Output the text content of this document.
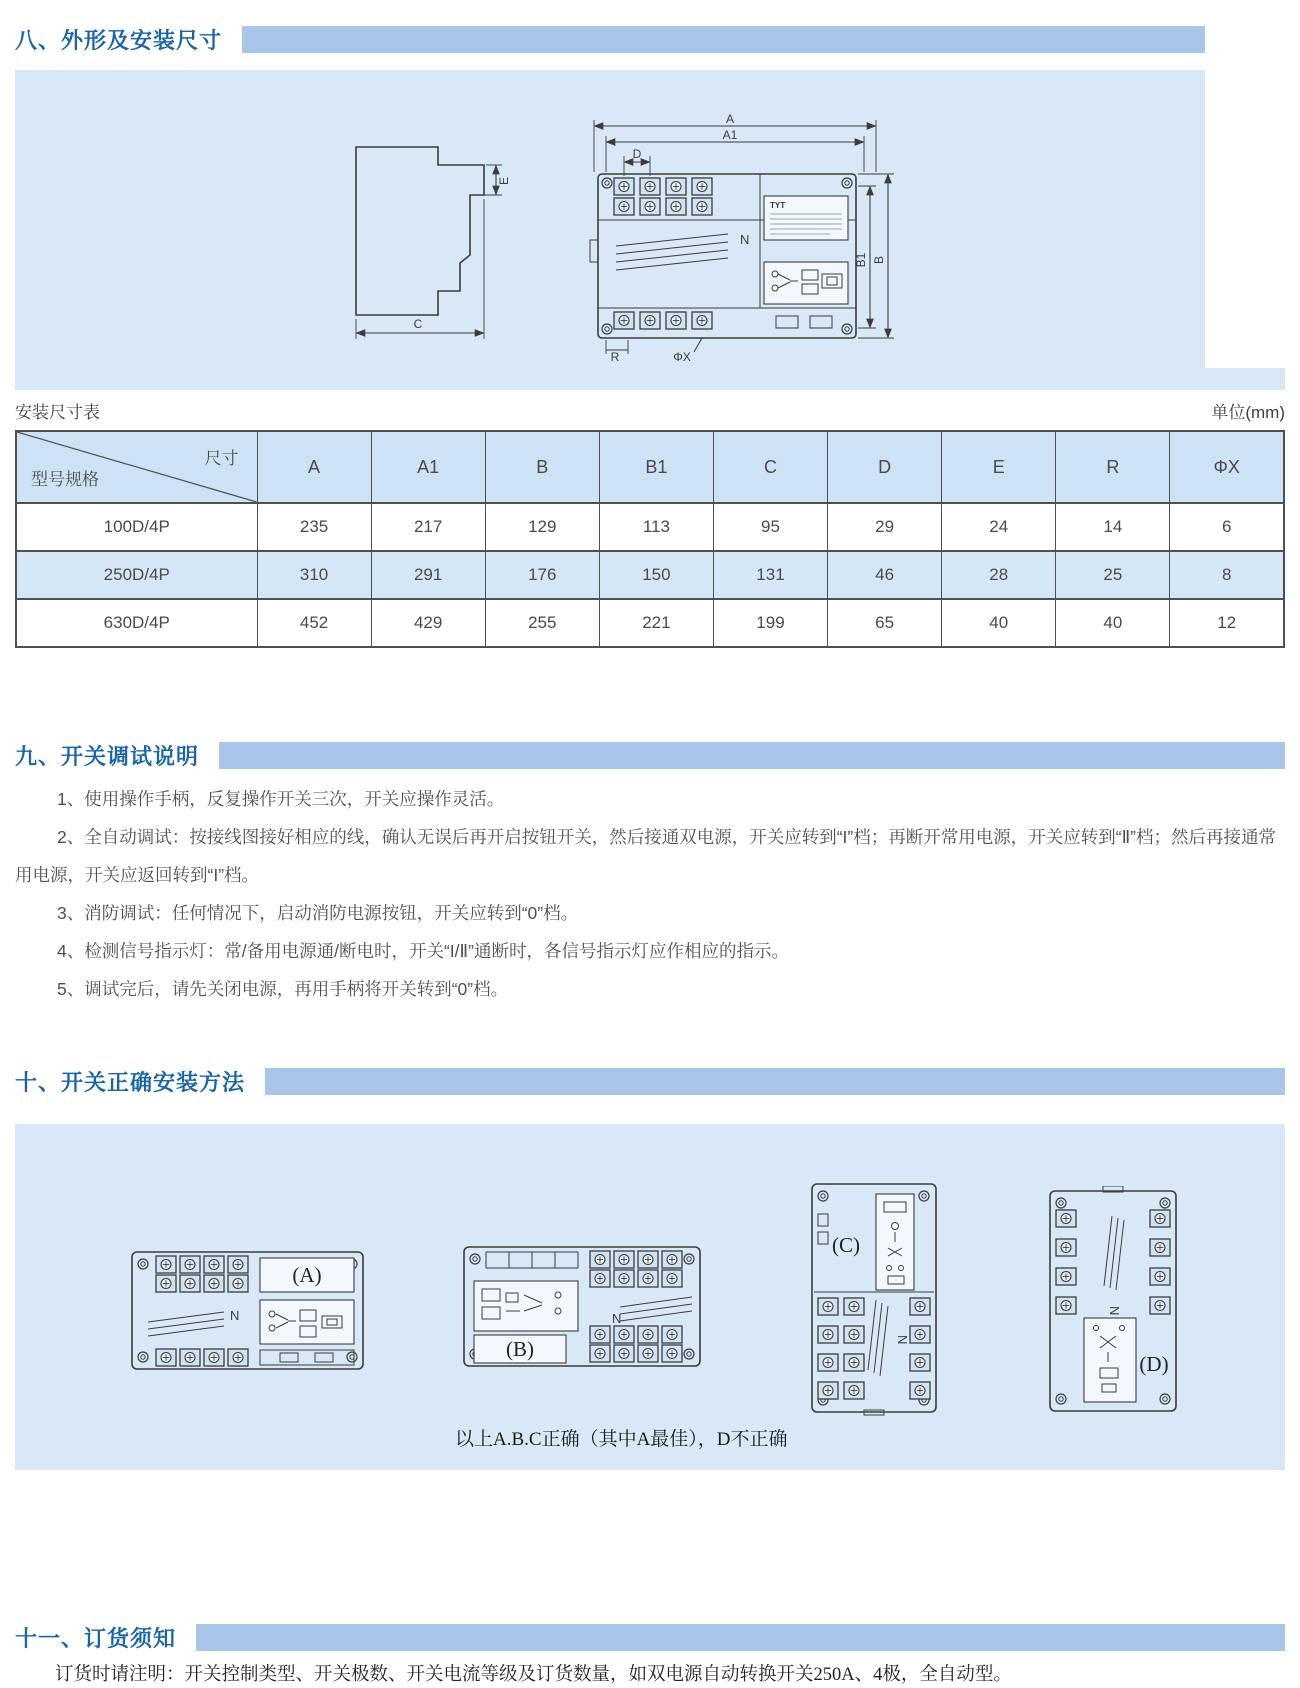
八、外形及安装尺寸
E
C
A
A1
D
TYT
N
B1 B
R	ΦX
安装尺寸表	单位(mm)
尺寸
型号规格	A	A1	B	B1	C	D	E	R	ΦX
100D/4P	235	217	129	113	95	29	24	14	6
250D/4P	310	291	176	150	131	46	28	25	8
630D/4P	452	429	255	221	199	65	40	40	12
九、开关调试说明

1、使用操作手柄，反复操作开关三次，开关应操作灵活。

2、全自动调试：按接线图接好相应的线，确认无误后再开启按钮开关，然后接通双电源，开关应转到“I”档；再断开常用电源，开关应转到“Ⅱ”档；然后再接通常用电源，开关应返回转到“I”档。

3、消防调试：任何情况下，启动消防电源按钮，开关应转到“0”档。

4、检测信号指示灯：常/备用电源通/断电时，开关“I/Ⅱ”通断时，各信号指示灯应作相应的指示。

5、调试完后，请先关闭电源，再用手柄将开关转到“0”档。

十、开关正确安装方法
(A)
N	N
(B)
(C)
N
N
(D)
以上A.B.C正确（其中A最佳），D不正确
十一、订货须知
订货时请注明：开关控制类型、开关极数、开关电流等级及订货数量，如双电源自动转换开关250A、4极，全自动型。
